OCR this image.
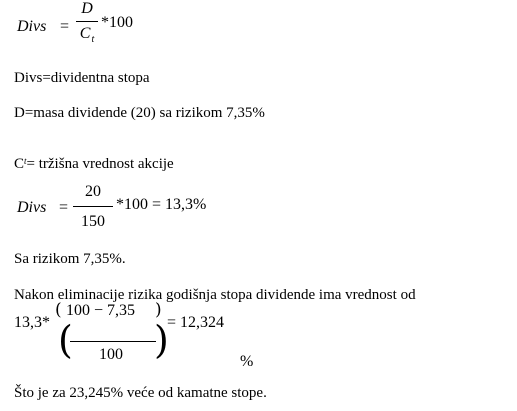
Divs =
D
$C_t$
*100
Divs=dividentna stopa
D=masa dividende (20) sa rizikom 7,35%
$C^t=$ tržišna vrednost akcije
Divs =
20
150
*100 = 13,3%
Sa rizikom 7,35%.
Nakon eliminacije rizika godišnja stopa dividende ima vrednost od
13,3*
( 100 − 7,35 )
( 100 )
= 12,324
%
Što je za 23,245% veće od kamatne stope.
